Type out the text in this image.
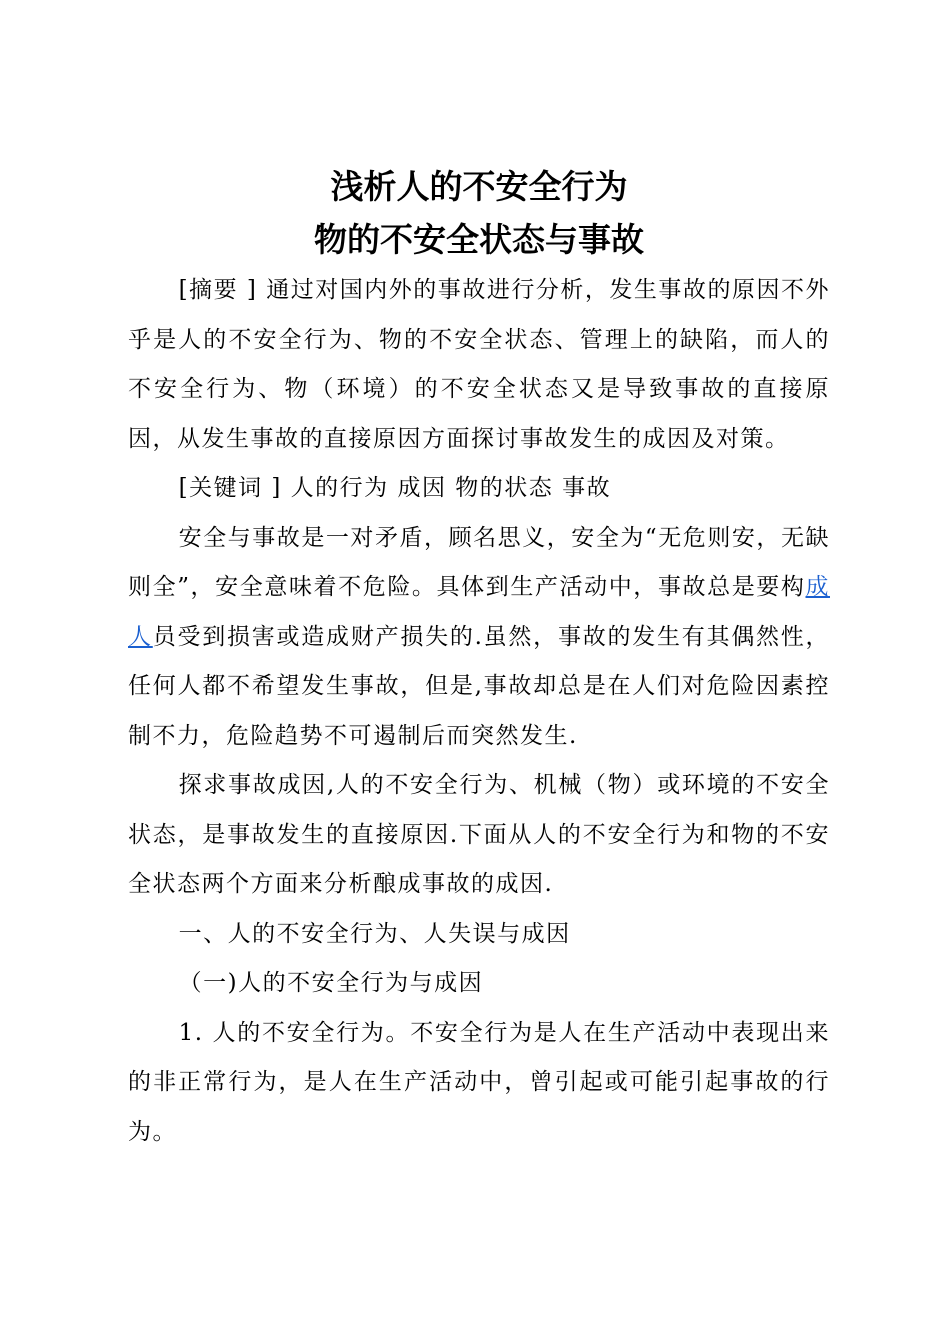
浅析人的不安全行为
物的不安全状态与事故

[摘要 ] 通过对国内外的事故进行分析，发生事故的原因不外乎是人的不安全行为、物的不安全状态、管理上的缺陷，而人的不安全行为、物（环境）的不安全状态又是导致事故的直接原因，从发生事故的直接原因方面探讨事故发生的成因及对策。

[关键词 ] 人的行为 成因 物的状态 事故

安全与事故是一对矛盾，顾名思义，安全为“无危则安，无缺则全”，安全意味着不危险。具体到生产活动中，事故总是要构成人员受到损害或造成财产损失的.虽然，事故的发生有其偶然性，任何人都不希望发生事故，但是,事故却总是在人们对危险因素控制不力，危险趋势不可遏制后而突然发生.

探求事故成因,人的不安全行为、机械（物）或环境的不安全状态，是事故发生的直接原因.下面从人的不安全行为和物的不安全状态两个方面来分析酿成事故的成因.

一、人的不安全行为、人失误与成因

（一)人的不安全行为与成因

1. 人的不安全行为。不安全行为是人在生产活动中表现出来的非正常行为，是人在生产活动中，曾引起或可能引起事故的行为。
